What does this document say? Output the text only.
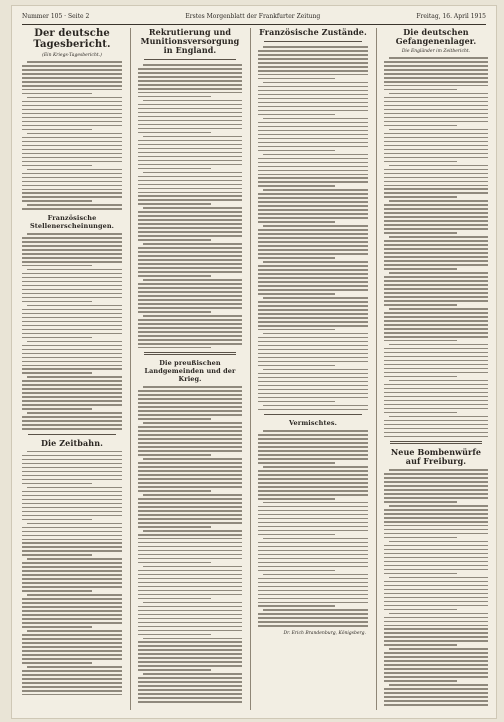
Nummer 105 · Seite 2	Erstes Morgenblatt der Frankfurter Zeitung	Freitag, 16. April 1915
Der deutsche Tagesbericht.
(Ein Kriegs-Tagesbericht.)
Französische Stellenerscheinungen.
Die Zeitbahn.
Rekrutierung und Munitionsversorgung in England.
Die preußischen Landgemeinden und der Krieg.
Französische Zustände.
Vermischtes.
Dr. Erich Brandenburg, Königsberg.
Die deutschen Gefangenenlager.
Die Engländer im Zeitbericht.
Neue Bombenwürfe auf Freiburg.
